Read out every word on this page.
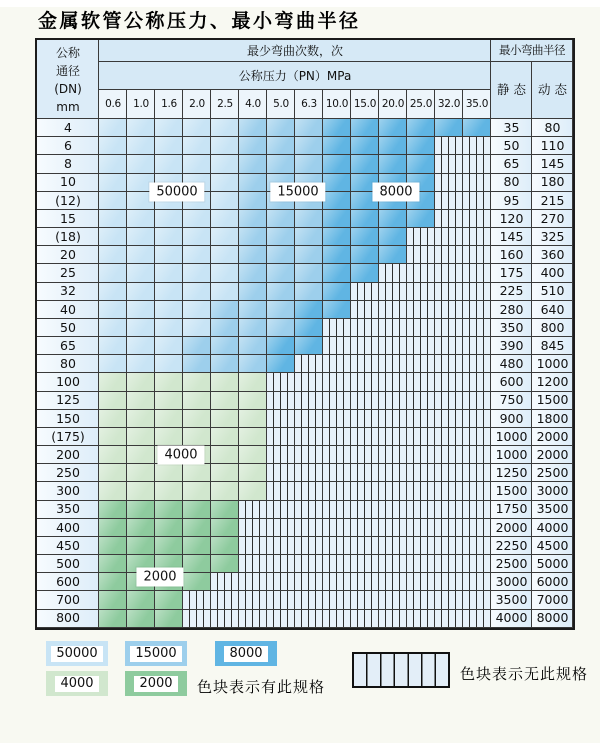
金属软管公称压力、最小弯曲半径
公称
通径
(DN)
mm
最少弯曲次数，次	最小弯曲半径
公称压力（PN）MPa
静 态 动 态
0.6	1.0	1.6	2.0	2.5	4.0	5.0	6.3 10.0 15.0 20.0 25.0 32.0 35.0
4	35	80
6	50	110
8	65	145
10	80	180
(12)	95	215
15	120	270
(18)	145	325
20	160	360
25	175	400
32	225	510
40	280	640
50	350	800
65	390	845
80	480	1000
100	600	1200
125	750	1500
150	900	1800
(175)	1000 2000
200	1000 2000
250	1250 2500
300	1500 3000
350	1750 3500
400	2000 4000
450	2250 4500
500	2500 5000
600	3000 6000
700	3500 7000
800	4000 8000
50000	15000	8000
4000
2000
色块表示有此规格
色块表示无此规格
50000	15000	8000
4000	2000
